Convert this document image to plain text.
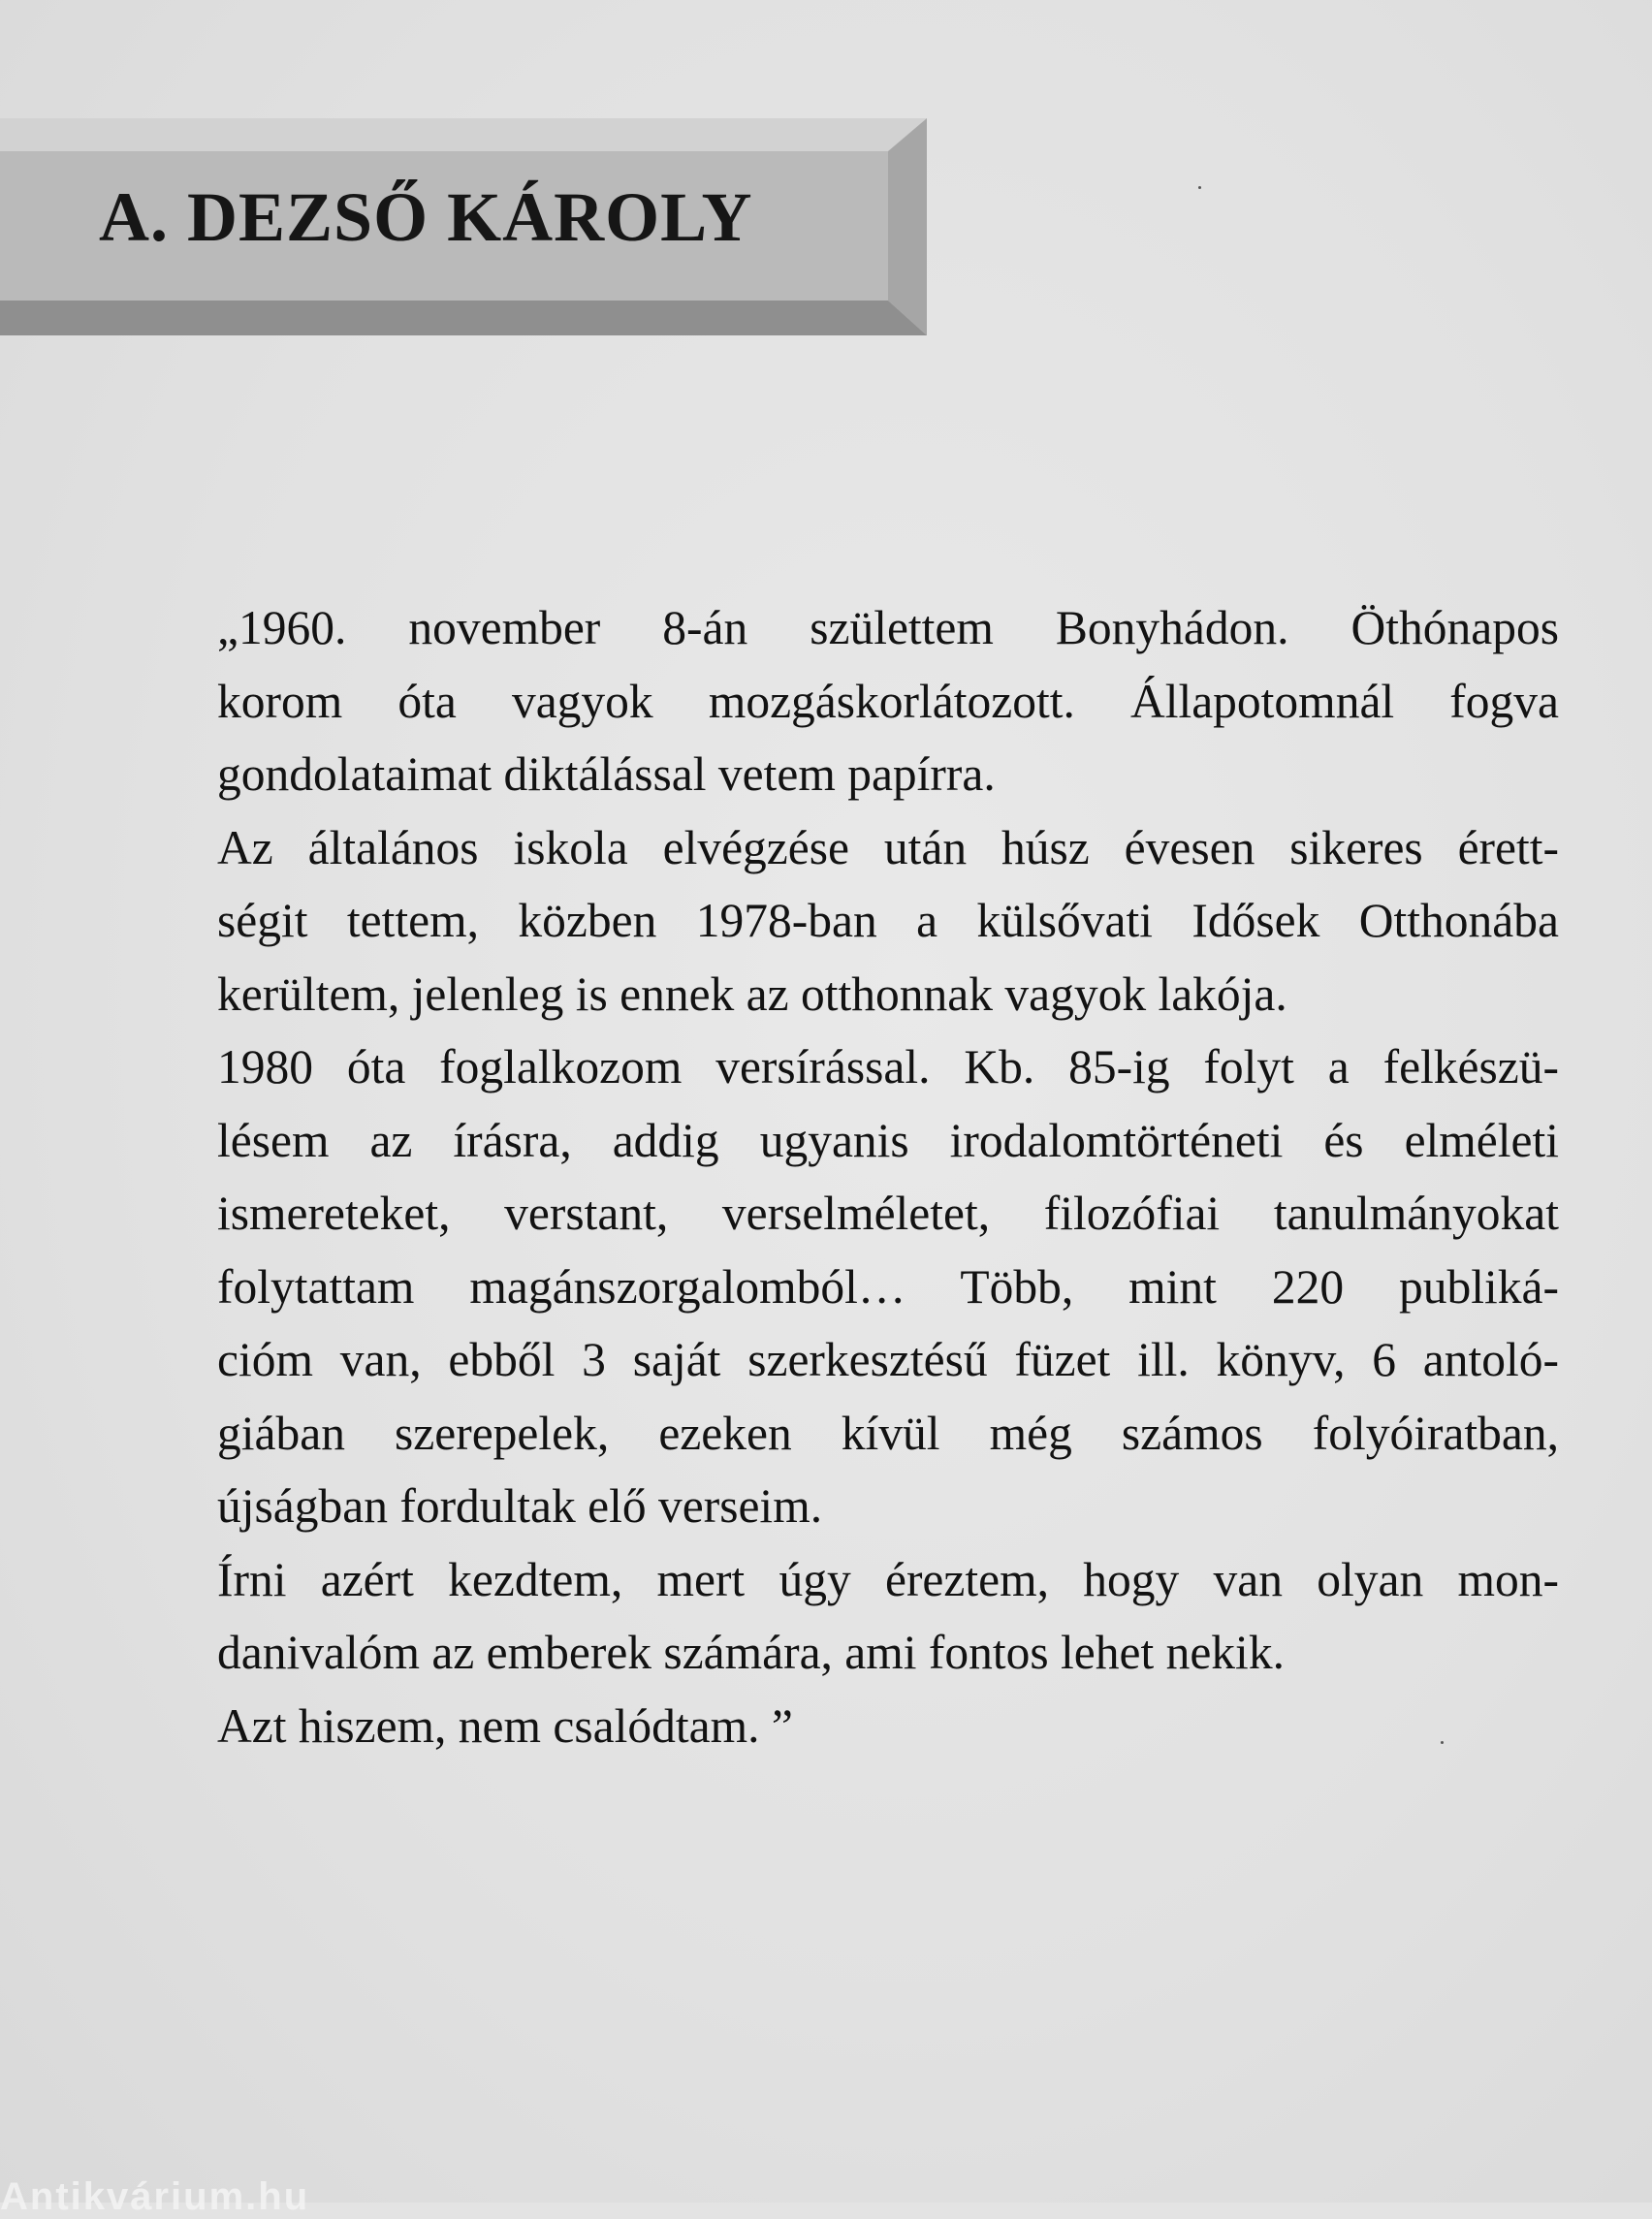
A. DEZSŐ KÁROLY
„1960. november 8-án születtem Bonyhádon. Öthónapos
korom óta vagyok mozgáskorlátozott. Állapotomnál fogva
gondolataimat diktálással vetem papírra.
Az általános iskola elvégzése után húsz évesen sikeres érett-
ségit tettem, közben 1978-ban a külsővati Idősek Otthonába
kerültem, jelenleg is ennek az otthonnak vagyok lakója.
1980 óta foglalkozom versírással. Kb. 85-ig folyt a felkészü-
lésem az írásra, addig ugyanis irodalomtörténeti és elméleti
ismereteket, verstant, verselméletet, filozófiai tanulmányokat
folytattam magánszorgalomból… Több, mint 220 publiká-
cióm van, ebből 3 saját szerkesztésű füzet ill. könyv, 6 antoló-
giában szerepelek, ezeken kívül még számos folyóiratban,
újságban fordultak elő verseim.
Írni azért kezdtem, mert úgy éreztem, hogy van olyan mon-
danivalóm az emberek számára, ami fontos lehet nekik.
Azt hiszem, nem csalódtam. ”
Antikvárium.hu
